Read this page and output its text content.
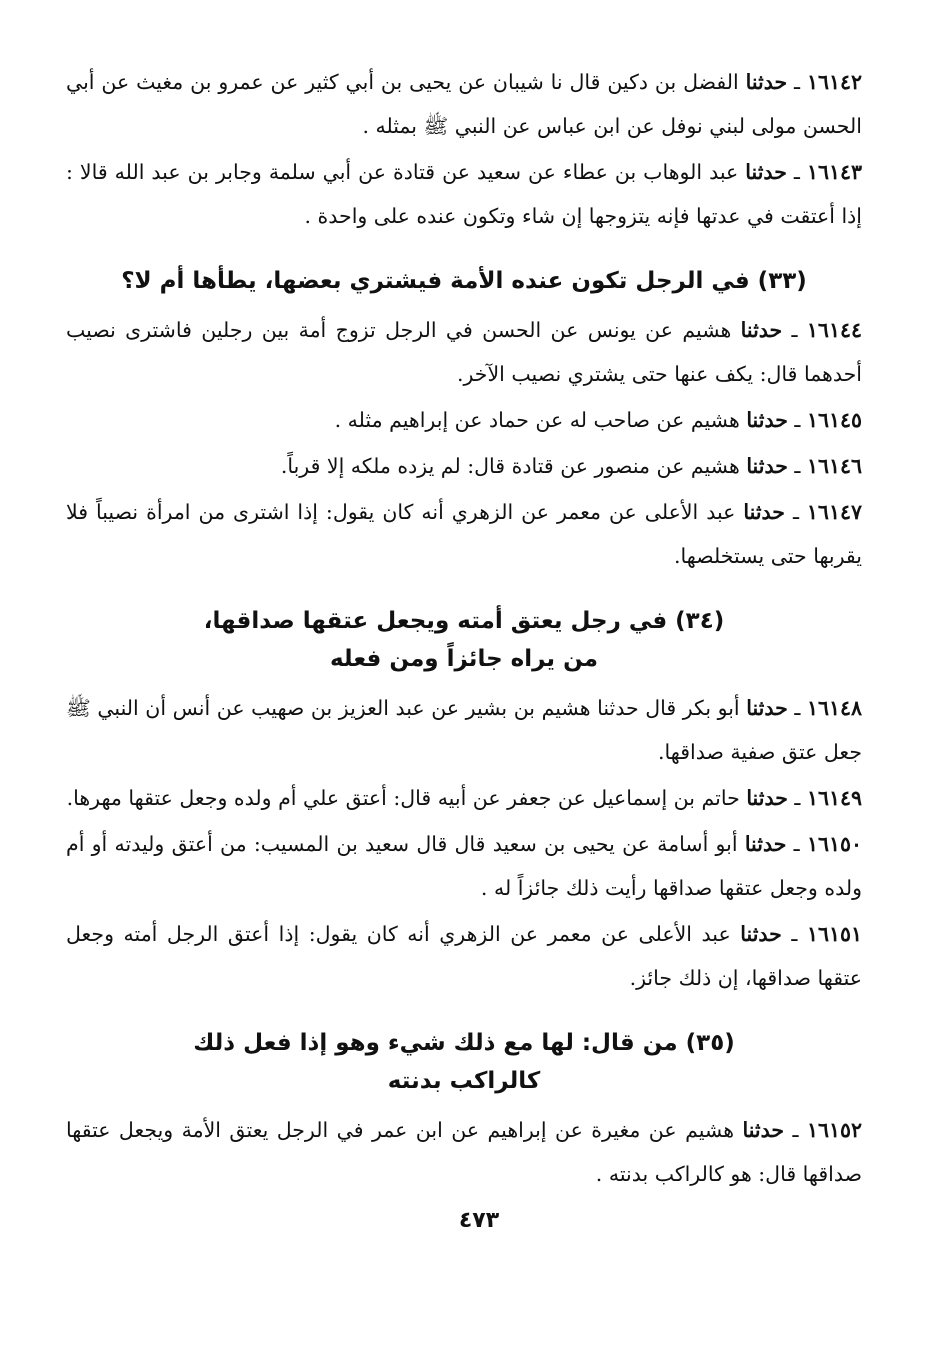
١٦١٤٢ ـ حدثنا الفضل بن دكين قال نا شيبان عن يحيى بن أبي كثير عن عمرو بن مغيث عن أبي الحسن مولى لبني نوفل عن ابن عباس عن النبي ﷺ بمثله .

١٦١٤٣ ـ حدثنا عبد الوهاب بن عطاء عن سعيد عن قتادة عن أبي سلمة وجابر بن عبد الله قالا : إذا أعتقت في عدتها فإنه يتزوجها إن شاء وتكون عنده على واحدة .

(٣٣) في الرجل تكون عنده الأمة فيشتري بعضها، يطأها أم لا؟

١٦١٤٤ ـ حدثنا هشيم عن يونس عن الحسن في الرجل تزوج أمة بين رجلين فاشترى نصيب أحدهما قال: يكف عنها حتى يشتري نصيب الآخر.

١٦١٤٥ ـ حدثنا هشيم عن صاحب له عن حماد عن إبراهيم مثله .

١٦١٤٦ ـ حدثنا هشيم عن منصور عن قتادة قال: لم يزده ملكه إلا قرباً.

١٦١٤٧ ـ حدثنا عبد الأعلى عن معمر عن الزهري أنه كان يقول: إذا اشترى من امرأة نصيباً فلا يقربها حتى يستخلصها.

(٣٤) في رجل يعتق أمته ويجعل عتقها صداقها،
من يراه جائزاً ومن فعله

١٦١٤٨ ـ حدثنا أبو بكر قال حدثنا هشيم بن بشير عن عبد العزيز بن صهيب عن أنس أن النبي ﷺ جعل عتق صفية صداقها.

١٦١٤٩ ـ حدثنا حاتم بن إسماعيل عن جعفر عن أبيه قال: أعتق علي أم ولده وجعل عتقها مهرها.

١٦١٥٠ ـ حدثنا أبو أسامة عن يحيى بن سعيد قال قال سعيد بن المسيب: من أعتق وليدته أو أم ولده وجعل عتقها صداقها رأيت ذلك جائزاً له .

١٦١٥١ ـ حدثنا عبد الأعلى عن معمر عن الزهري أنه كان يقول: إذا أعتق الرجل أمته وجعل عتقها صداقها، إن ذلك جائز.

(٣٥) من قال: لها مع ذلك شيء وهو إذا فعل ذلك
كالراكب بدنته

١٦١٥٢ ـ حدثنا هشيم عن مغيرة عن إبراهيم عن ابن عمر في الرجل يعتق الأمة ويجعل عتقها صداقها قال: هو كالراكب بدنته .

٤٧٣
